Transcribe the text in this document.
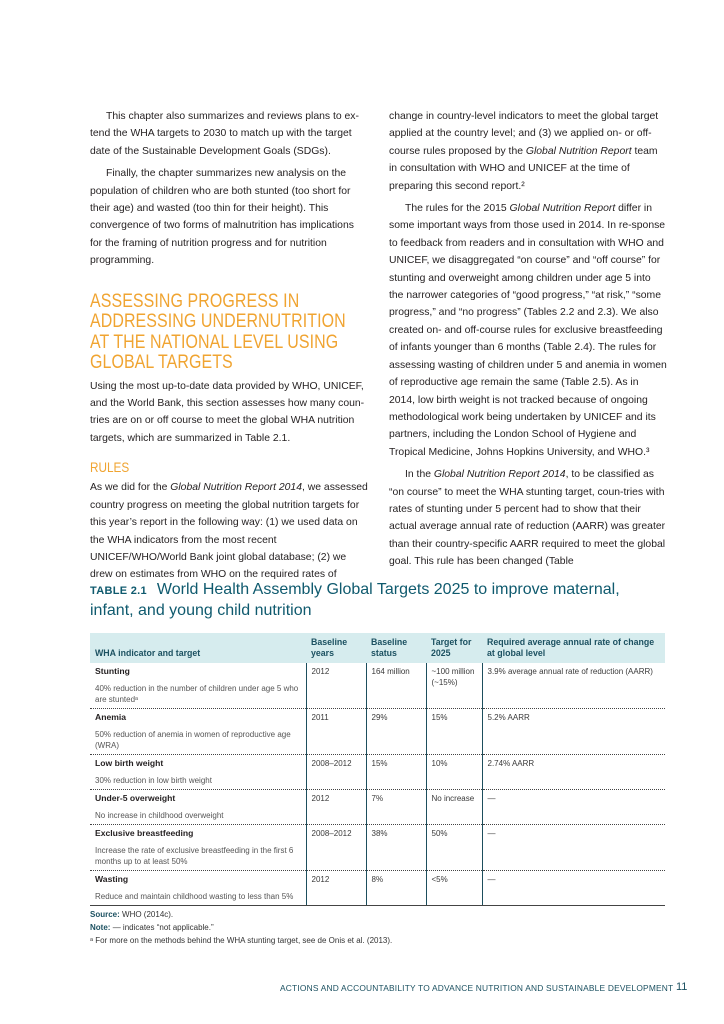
This chapter also summarizes and reviews plans to ex-tend the WHA targets to 2030 to match up with the target date of the Sustainable Development Goals (SDGs).

Finally, the chapter summarizes new analysis on the population of children who are both stunted (too short for their age) and wasted (too thin for their height). This convergence of two forms of malnutrition has implications for the framing of nutrition progress and for nutrition programming.

ASSESSING PROGRESS IN ADDRESSING UNDERNUTRITION AT THE NATIONAL LEVEL USING GLOBAL TARGETS

Using the most up-to-date data provided by WHO, UNICEF, and the World Bank, this section assesses how many coun-tries are on or off course to meet the global WHA nutrition targets, which are summarized in Table 2.1.

RULES

As we did for the Global Nutrition Report 2014, we assessed country progress on meeting the global nutrition targets for this year’s report in the following way: (1) we used data on the WHA indicators from the most recent UNICEF/WHO/World Bank joint global database; (2) we drew on estimates from WHO on the required rates of

change in country-level indicators to meet the global target applied at the country level; and (3) we applied on- or off-course rules proposed by the Global Nutrition Report team in consultation with WHO and UNICEF at the time of preparing this second report.²

The rules for the 2015 Global Nutrition Report differ in some important ways from those used in 2014. In re-sponse to feedback from readers and in consultation with WHO and UNICEF, we disaggregated “on course” and “off course” for stunting and overweight among children under age 5 into the narrower categories of “good progress,” “at risk,” “some progress,” and “no progress” (Tables 2.2 and 2.3). We also created on- and off-course rules for exclusive breastfeeding of infants younger than 6 months (Table 2.4). The rules for assessing wasting of children under 5 and anemia in women of reproductive age remain the same (Table 2.5). As in 2014, low birth weight is not tracked because of ongoing methodological work being undertaken by UNICEF and its partners, including the London School of Hygiene and Tropical Medicine, Johns Hopkins University, and WHO.³

In the Global Nutrition Report 2014, to be classified as “on course” to meet the WHA stunting target, coun-tries with rates of stunting under 5 percent had to show that their actual average annual rate of reduction (AARR) was greater than their country-specific AARR required to meet the global goal. This rule has been changed (Table

TABLE 2.1 World Health Assembly Global Targets 2025 to improve maternal, infant, and young child nutrition
WHA indicator and target	Baseline years	Baseline status	Target for 2025	Required average annual rate of change at global level

Stunting
40% reduction in the number of children under age 5 who are stuntedᵃ	2012	164 million	~100 million (~15%)	3.9% average annual rate of reduction (AARR)

Anemia
50% reduction of anemia in women of reproductive age (WRA)	2011	29%	15%	5.2% AARR

Low birth weight
30% reduction in low birth weight	2008–2012	15%	10%	2.74% AARR

Under-5 overweight
No increase in childhood overweight	2012	7%	No increase	—

Exclusive breastfeeding
Increase the rate of exclusive breastfeeding in the first 6 months up to at least 50%	2008–2012	38%	50%	—

Wasting
Reduce and maintain childhood wasting to less than 5%	2012	8%	<5%	—
Source: WHO (2014c).
Note: — indicates “not applicable.”
ᵃ For more on the methods behind the WHA stunting target, see de Onis et al. (2013).
ACTIONS AND ACCOUNTABILITY TO ADVANCE NUTRITION AND SUSTAINABLE DEVELOPMENT 11
